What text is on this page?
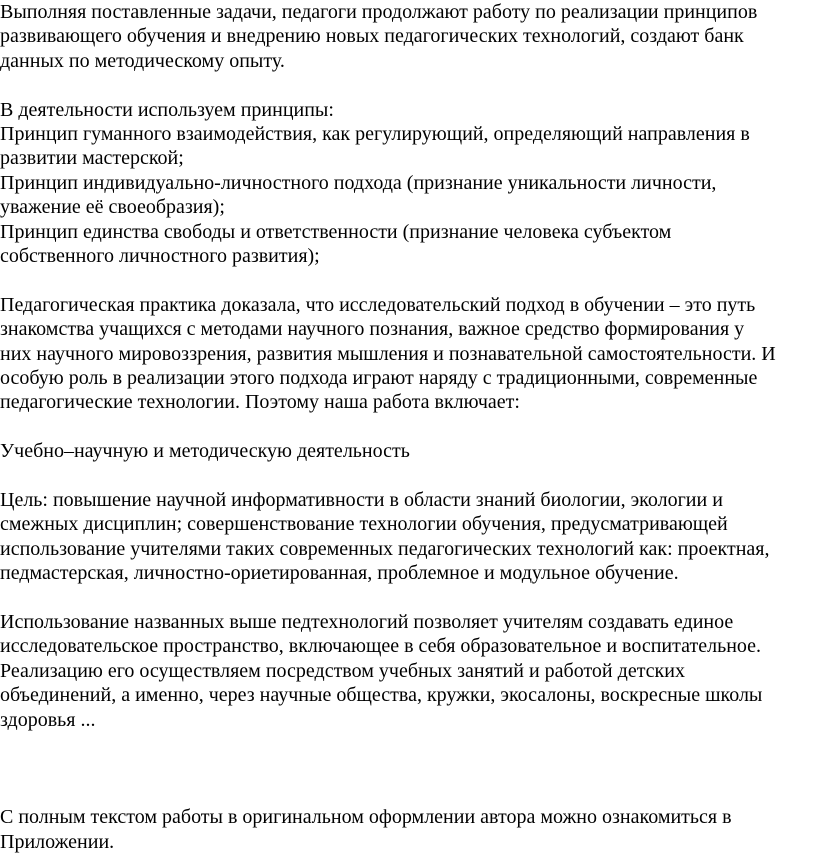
Выполняя поставленные задачи, педагоги продолжают работу по реализации принципов
развивающего обучения и внедрению новых педагогических технологий, создают банк
данных по методическому опыту.

В деятельности используем принципы:
Принцип гуманного взаимодействия, как регулирующий, определяющий направления в
развитии мастерской;
Принцип индивидуально-личностного подхода (признание уникальности личности,
уважение её своеобразия);
Принцип единства свободы и ответственности (признание человека субъектом
собственного личностного развития);

Педагогическая практика доказала, что исследовательский подход в обучении – это путь
знакомства учащихся с методами научного познания, важное средство формирования у
них научного мировоззрения, развития мышления и познавательной самостоятельности. И
особую роль в реализации этого подхода играют наряду с традиционными, современные
педагогические технологии. Поэтому наша работа включает:

Учебно–научную и методическую деятельность

Цель: повышение научной информативности в области знаний биологии, экологии и
смежных дисциплин; совершенствование технологии обучения, предусматривающей
использование учителями таких современных педагогических технологий как: проектная,
педмастерская, личностно-ориетированная, проблемное и модульное обучение.

Использование названных выше педтехнологий позволяет учителям создавать единое
исследовательское пространство, включающее в себя образовательное и воспитательное.
Реализацию его осуществляем посредством учебных занятий и работой детских
объединений, а именно, через научные общества, кружки, экосалоны, воскресные школы
здоровья ...

С полным текстом работы в оригинальном оформлении автора можно ознакомиться в
Приложении.
